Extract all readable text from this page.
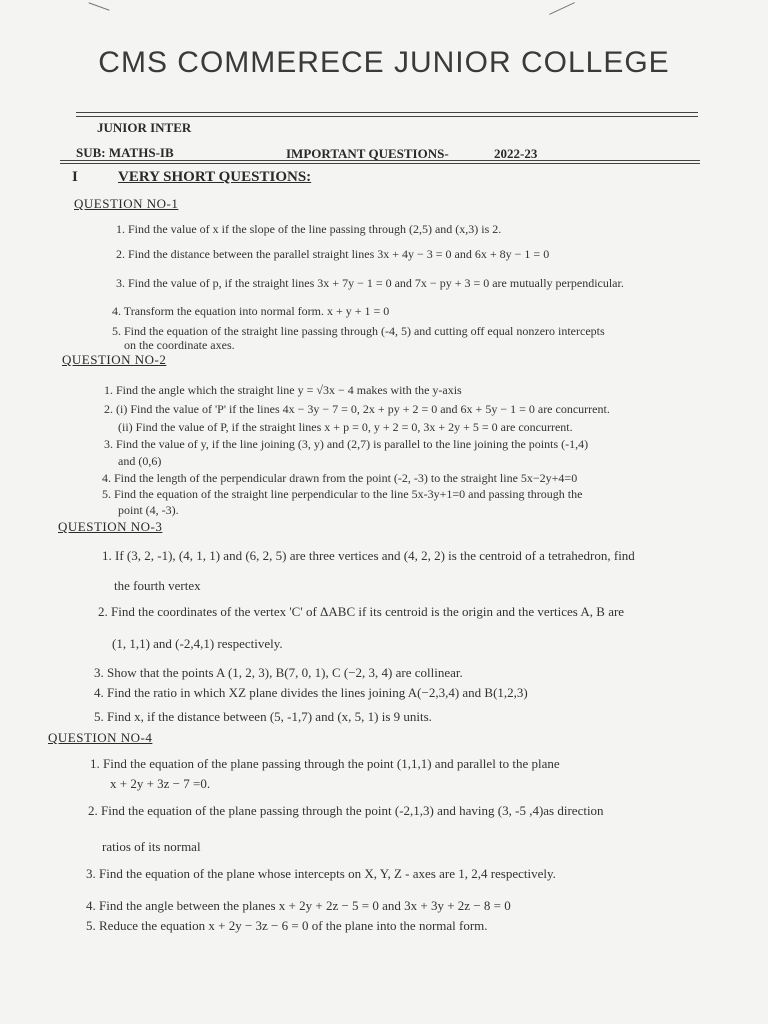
CMS COMMERECE JUNIOR COLLEGE
JUNIOR INTER
SUB: MATHS-IB	IMPORTANT QUESTIONS-	2022-23
I	VERY SHORT QUESTIONS:
QUESTION NO-1
1. Find the value of x if the slope of the line passing through (2,5) and (x,3) is 2.
2. Find the distance between the parallel straight lines 3x + 4y − 3 = 0 and 6x + 8y − 1 = 0
3. Find the value of p, if the straight lines 3x + 7y − 1 = 0 and 7x − py + 3 = 0 are mutually perpendicular.
4. Transform the equation into normal form. x + y + 1 = 0
5. Find the equation of the straight line passing through (-4, 5) and cutting off equal nonzero intercepts
on the coordinate axes.
QUESTION NO-2
1. Find the angle which the straight line y = √3x − 4 makes with the y-axis
2. (i) Find the value of 'P' if the lines 4x − 3y − 7 = 0, 2x + py + 2 = 0 and 6x + 5y − 1 = 0 are concurrent.
(ii) Find the value of P, if the straight lines x + p = 0, y + 2 = 0, 3x + 2y + 5 = 0 are concurrent.
3. Find the value of y, if the line joining (3, y) and (2,7) is parallel to the line joining the points (-1,4)
and (0,6)
4. Find the length of the perpendicular drawn from the point (-2, -3) to the straight line 5x−2y+4=0
5. Find the equation of the straight line perpendicular to the line 5x-3y+1=0 and passing through the
point (4, -3).
QUESTION NO-3
1. If (3, 2, -1), (4, 1, 1) and (6, 2, 5) are three vertices and (4, 2, 2) is the centroid of a tetrahedron, find
the fourth vertex
2. Find the coordinates of the vertex 'C' of ΔABC if its centroid is the origin and the vertices A, B are
(1, 1,1) and (-2,4,1) respectively.
3. Show that the points A (1, 2, 3), B(7, 0, 1), C (−2, 3, 4) are collinear.
4. Find the ratio in which XZ plane divides the lines joining A(−2,3,4) and B(1,2,3)
5. Find x, if the distance between (5, -1,7) and (x, 5, 1) is 9 units.
QUESTION NO-4
1. Find the equation of the plane passing through the point (1,1,1) and parallel to the plane
x + 2y + 3z − 7 =0.
2. Find the equation of the plane passing through the point (-2,1,3) and having (3, -5 ,4)as direction
ratios of its normal
3. Find the equation of the plane whose intercepts on X, Y, Z - axes are 1, 2,4 respectively.
4. Find the angle between the planes x + 2y + 2z − 5 = 0 and 3x + 3y + 2z − 8 = 0
5. Reduce the equation x + 2y − 3z − 6 = 0 of the plane into the normal form.
